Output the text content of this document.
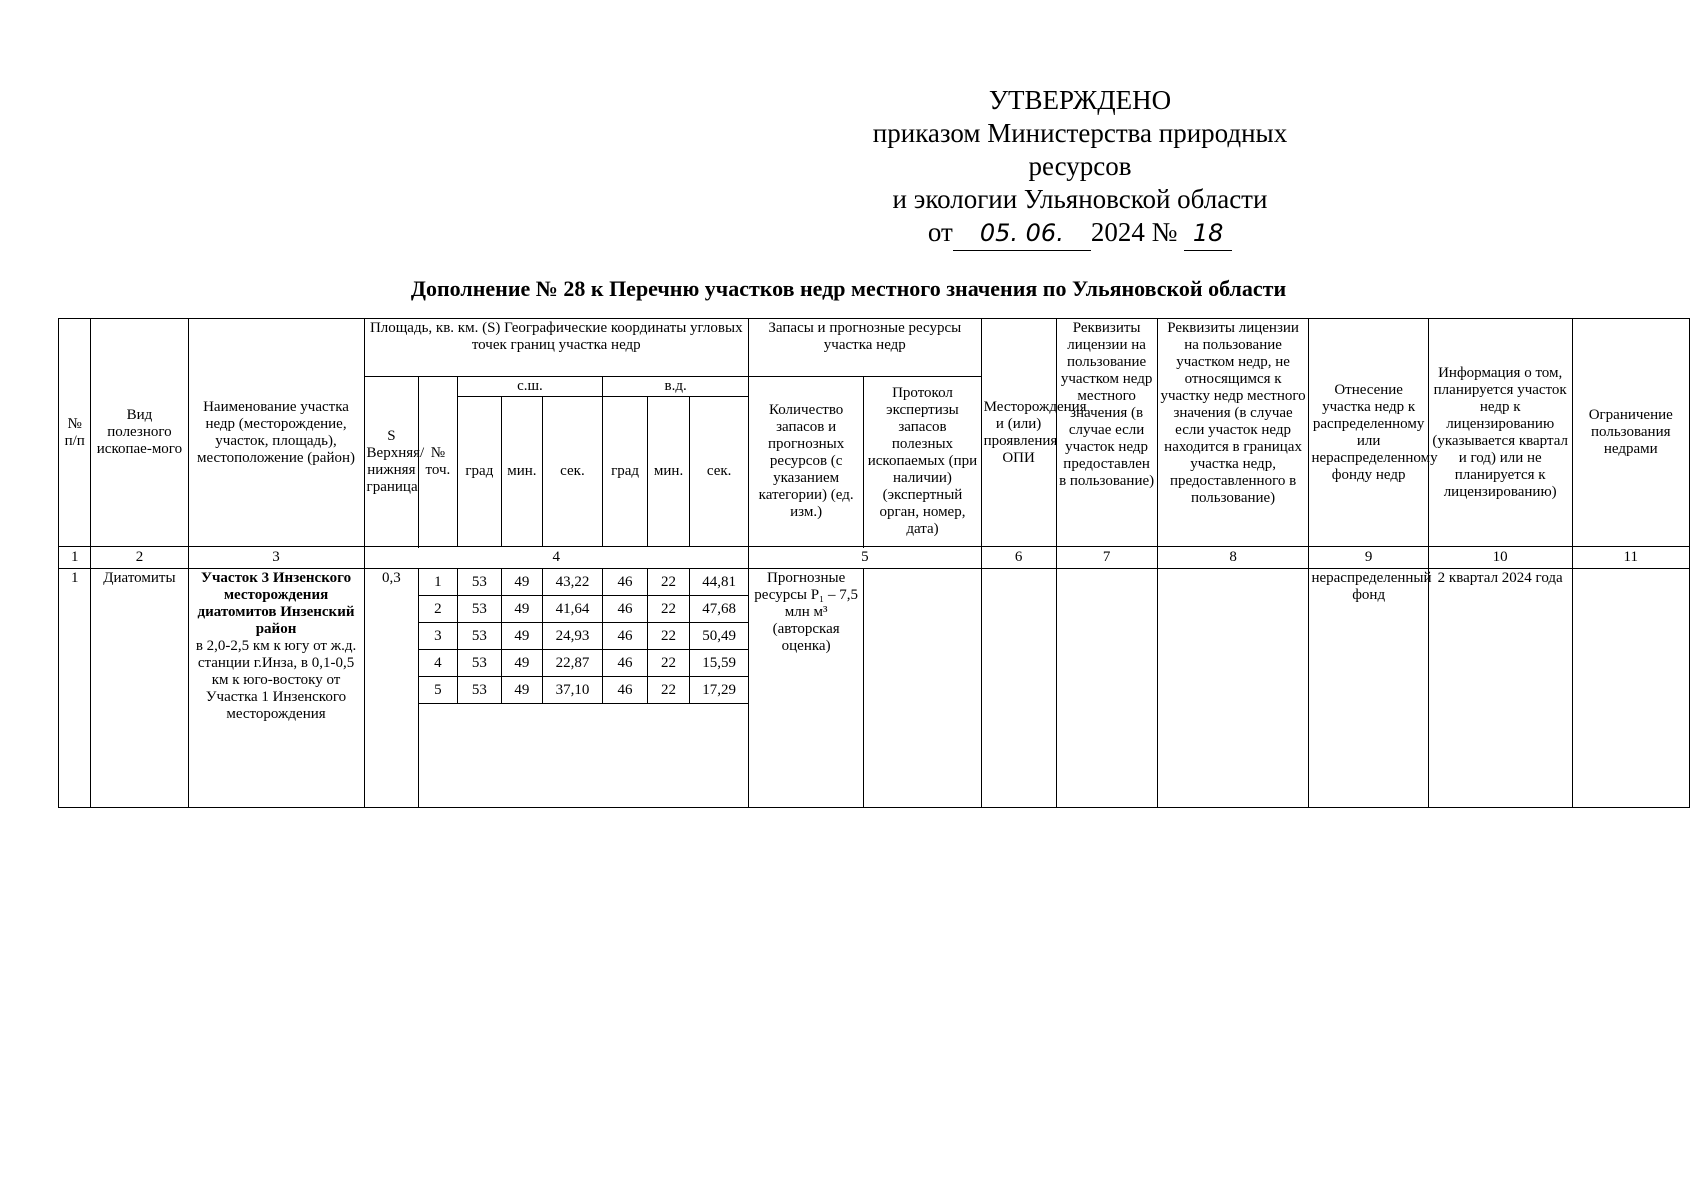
УТВЕРЖДЕНО
приказом Министерства природных ресурсов
и экологии Ульяновской области
от 05. 06. 2024 № 18
Дополнение № 28 к Перечню участков недр местного значения по Ульяновской области
№ п/п	Вид полезного ископае-мого	Наименование участка недр (месторождение, участок, площадь), местоположение (район)	Площадь, кв. км. (S) Географические координаты угловых точек границ участка недр								Запасы и прогнозные ресурсы участка недр		Месторождения и (или) проявления ОПИ	Реквизиты лицензии на пользование участком недр местного значения (в случае если участок недр предоставлен в пользование)	Реквизиты лицензии на пользование участком недр, не относящимся к участку недр местного значения (в случае если участок недр находится в границах участка недр, предоставленного в пользование)	Отнесение участка недр к распределенному или нераспределенному фонду недр	Информация о том, планируется участок недр к лицензированию (указывается квартал и год) или не планируется к лицензированию)	Ограничение пользования недрами
			S Верхняя/нижняя граница	№ точ.	с.ш.			в.д.			Количество запасов и прогнозных ресурсов (с указанием категории) (ед. изм.)	Протокол экспертизы запасов полезных ископаемых (при наличии) (экспертный орган, номер, дата)						
					град	мин.	сек.	град	мин.	сек.								

1	2	3	4								5		6	7	8	9	10	11
1	Диатомиты	Участок 3 Инзенского месторождения диатомитов Инзенский район
в 2,0-2,5 км к югу от ж.д. станции г.Инза, в 0,1-0,5 км к юго-востоку от Участка 1 Инзенского месторождения	0,3	1	53	49	43,22	46	22	44,81	Прогнозные ресурсы P₁ – 7,5 млн м³ (авторская оценка)					нераспределенный фонд	2 квартал 2024 года	
				2	53	49	41,64	46	22	47,68								
				3	53	49	24,93	46	22	50,49								
				4	53	49	22,87	46	22	15,59								
				5	53	49	37,10	46	22	17,29								
